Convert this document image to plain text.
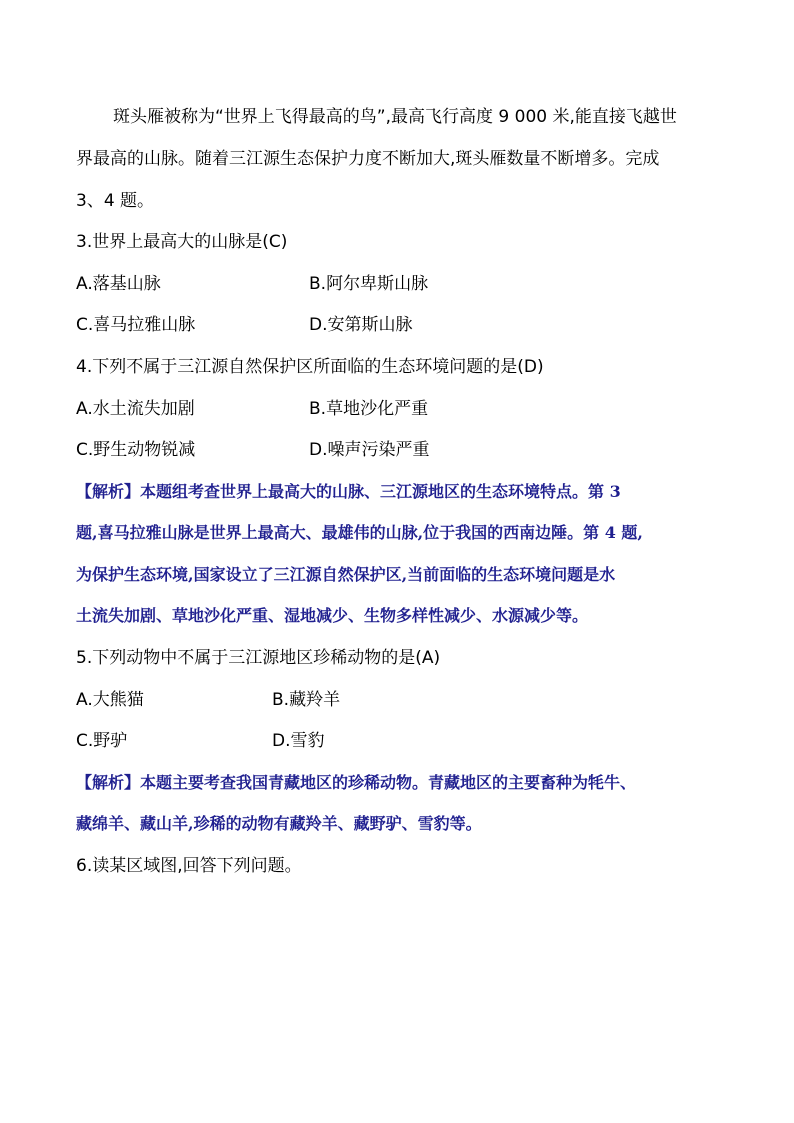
斑头雁被称为“世界上飞得最高的鸟”,最高飞行高度 9 000 米,能直接飞越世
界最高的山脉。随着三江源生态保护力度不断加大,斑头雁数量不断增多。完成
3、4 题。
3.世界上最高大的山脉是(C)
A.落基山脉	B.阿尔卑斯山脉
C.喜马拉雅山脉	D.安第斯山脉
4.下列不属于三江源自然保护区所面临的生态环境问题的是(D)
A.水土流失加剧	B.草地沙化严重
C.野生动物锐减	D.噪声污染严重
【解析】本题组考查世界上最高大的山脉、三江源地区的生态环境特点。第 3
题,喜马拉雅山脉是世界上最高大、最雄伟的山脉,位于我国的西南边陲。第 4 题,
为保护生态环境,国家设立了三江源自然保护区,当前面临的生态环境问题是水
土流失加剧、草地沙化严重、湿地减少、生物多样性减少、水源减少等。
5.下列动物中不属于三江源地区珍稀动物的是(A)
A.大熊猫	B.藏羚羊
C.野驴	D.雪豹
【解析】本题主要考查我国青藏地区的珍稀动物。青藏地区的主要畜种为牦牛、
藏绵羊、藏山羊,珍稀的动物有藏羚羊、藏野驴、雪豹等。
6.读某区域图,回答下列问题。
